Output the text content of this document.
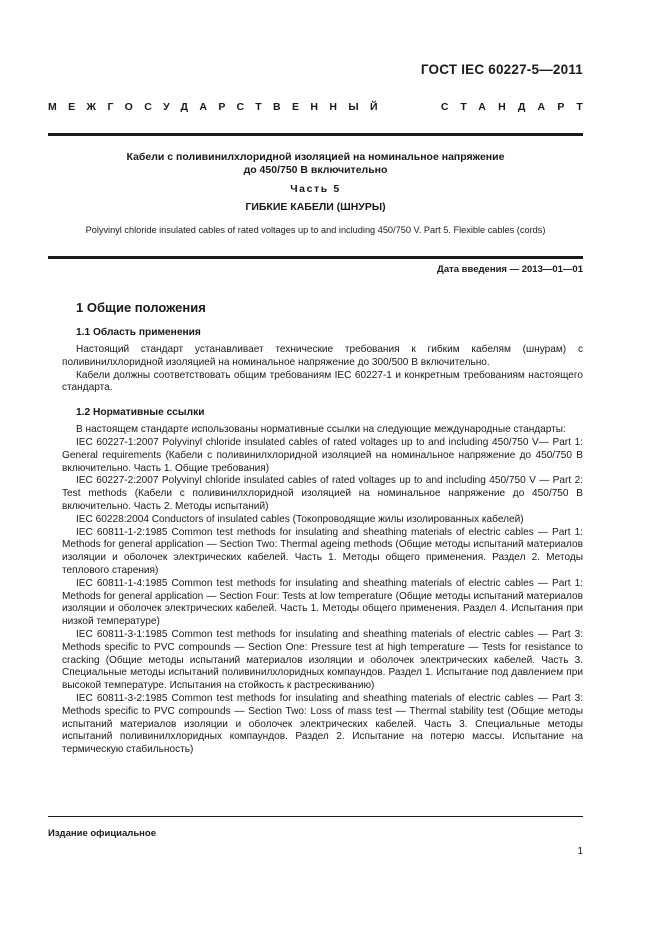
ГОСТ IEC 60227-5—2011
МЕЖГОСУДАРСТВЕННЫЙ	СТАНДАРТ
Кабели с поливинилхлоридной изоляцией на номинальное напряжение
до 450/750 В включительно
Часть 5
ГИБКИЕ КАБЕЛИ (ШНУРЫ)
Polyvinyl chloride insulated cables of rated voltages up to and including 450/750 V. Part 5. Flexible cables (cords)
Дата введения — 2013—01—01
1 Общие положения
1.1 Область применения

Настоящий стандарт устанавливает технические требования к гибким кабелям (шнурам) с поливинилхлоридной изоляцией на номинальное напряжение до 300/500 В включительно.

Кабели должны соответствовать общим требованиям IEC 60227-1 и конкретным требованиям настоящего стандарта.

1.2 Нормативные ссылки

В настоящем стандарте использованы нормативные ссылки на следующие международные стандарты:

IEC 60227-1:2007 Polyvinyl chloride insulated cables of rated voltages up to and including 450/750 V— Part 1: General requirements (Кабели с поливинилхлоридной изоляцией на номинальное напряжение до 450/750 В включительно. Часть 1. Общие требования)

IEC 60227-2:2007 Polyvinyl chloride insulated cables of rated voltages up to and including 450/750 V — Part 2: Test methods (Кабели с поливинилхлоридной изоляцией на номинальное напряжение до 450/750 В включительно. Часть 2. Методы испытаний)

IEC 60228:2004 Conductors of insulated cables (Токопроводящие жилы изолированных кабелей)

IEC 60811-1-2:1985 Common test methods for insulating and sheathing materials of electric cables — Part 1: Methods for general application — Section Two: Thermal ageing methods (Общие методы испытаний материалов изоляции и оболочек электрических кабелей. Часть 1. Методы общего применения. Раздел 2. Методы теплового старения)

IEC 60811-1-4:1985 Common test methods for insulating and sheathing materials of electric cables — Part 1: Methods for general application — Section Four: Tests at low temperature (Общие методы испытаний материалов изоляции и оболочек электрических кабелей. Часть 1. Методы общего применения. Раздел 4. Испытания при низкой температуре)

IEC 60811-3-1:1985 Common test methods for insulating and sheathing materials of electric cables — Part 3: Methods specific to PVC compounds — Section One: Pressure test at high temperature — Tests for resistance to cracking (Общие методы испытаний материалов изоляции и оболочек электрических кабелей. Часть 3. Специальные методы испытаний поливинилхлоридных компаундов. Раздел 1. Испытание под давлением при высокой температуре. Испытания на стойкость к растрескиванию)

IEC 60811-3-2:1985 Common test methods for insulating and sheathing materials of electric cables — Part 3: Methods specific to PVC compounds — Section Two: Loss of mass test — Thermal stability test (Общие методы испытаний материалов изоляции и оболочек электрических кабелей. Часть 3. Специальные методы испытаний поливинилхлоридных компаундов. Раздел 2. Испытание на потерю массы. Испытание на термическую стабильность)

Издание официальное
1
